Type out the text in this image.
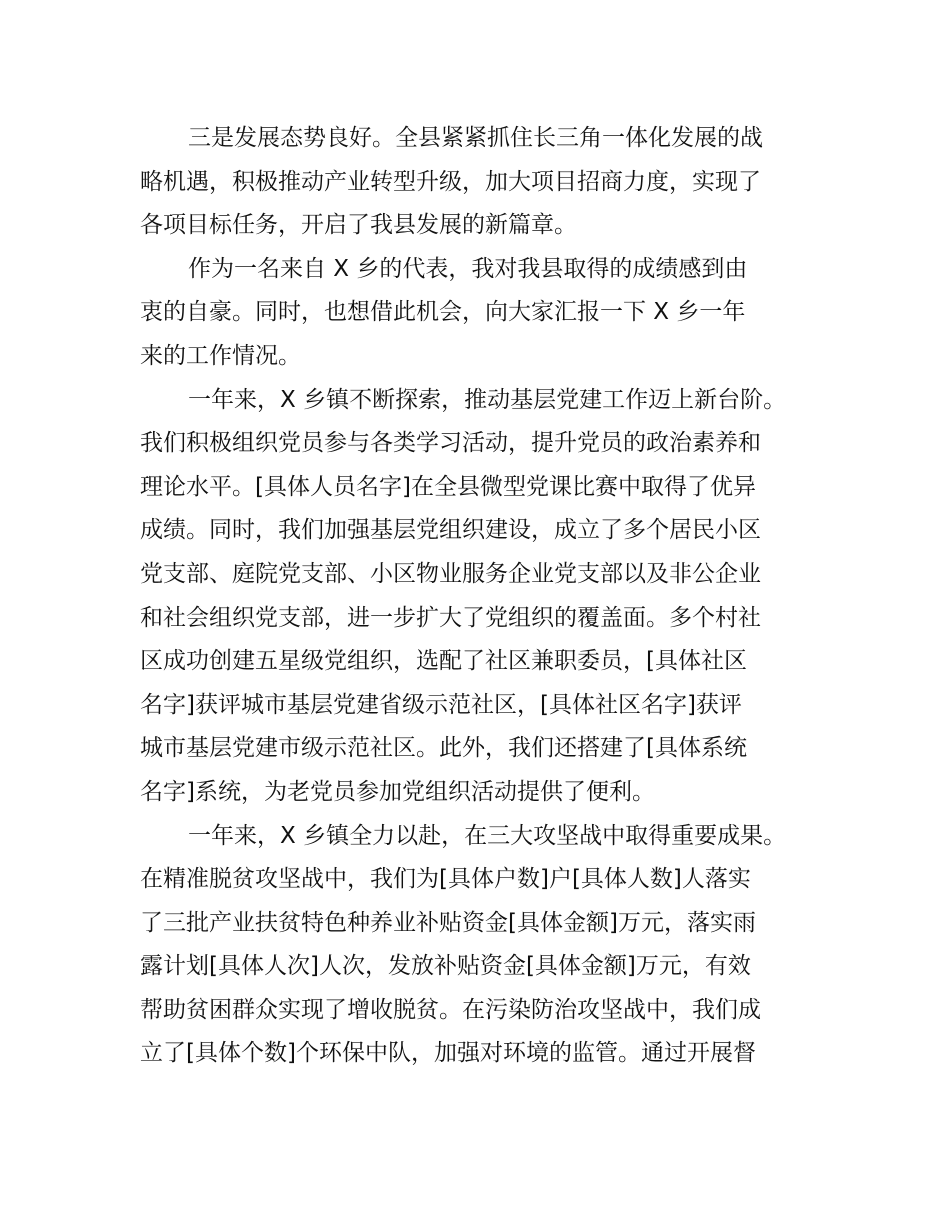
三是发展态势良好。全县紧紧抓住长三角一体化发展的战
略机遇，积极推动产业转型升级，加大项目招商力度，实现了
各项目标任务，开启了我县发展的新篇章。
作为一名来自 X 乡的代表，我对我县取得的成绩感到由
衷的自豪。同时，也想借此机会，向大家汇报一下 X 乡一年
来的工作情况。
一年来，X 乡镇不断探索，推动基层党建工作迈上新台阶。
我们积极组织党员参与各类学习活动，提升党员的政治素养和
理论水平。[具体人员名字]在全县微型党课比赛中取得了优异
成绩。同时，我们加强基层党组织建设，成立了多个居民小区
党支部、庭院党支部、小区物业服务企业党支部以及非公企业
和社会组织党支部，进一步扩大了党组织的覆盖面。多个村社
区成功创建五星级党组织，选配了社区兼职委员，[具体社区
名字]获评城市基层党建省级示范社区，[具体社区名字]获评
城市基层党建市级示范社区。此外，我们还搭建了[具体系统
名字]系统，为老党员参加党组织活动提供了便利。
一年来，X 乡镇全力以赴，在三大攻坚战中取得重要成果。
在精准脱贫攻坚战中，我们为[具体户数]户[具体人数]人落实
了三批产业扶贫特色种养业补贴资金[具体金额]万元，落实雨
露计划[具体人次]人次，发放补贴资金[具体金额]万元，有效
帮助贫困群众实现了增收脱贫。在污染防治攻坚战中，我们成
立了[具体个数]个环保中队，加强对环境的监管。通过开展督
